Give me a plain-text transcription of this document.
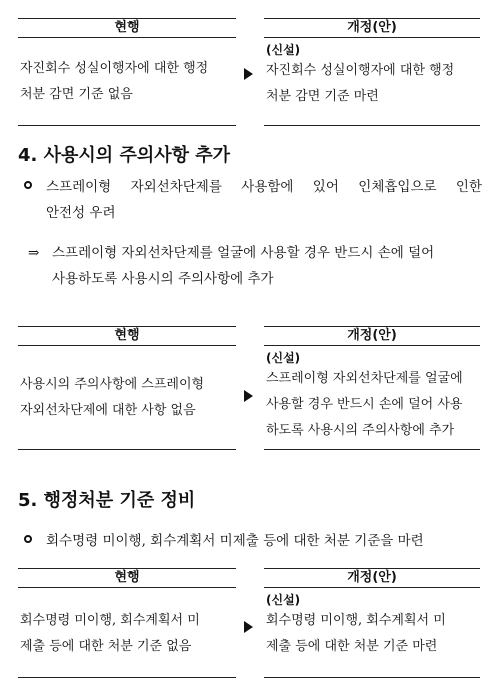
현행
자진회수 성실이행자에 대한 행정
처분 감면 기준 없음
개정(안)
(신설)
자진회수 성실이행자에 대한 행정
처분 감면 기준 마련
4. 사용시의 주의사항 추가
스프레이형 자외선차단제를 사용함에 있어 인체흡입으로 인한
안전성 우려
⇒ 스프레이형 자외선차단제를 얼굴에 사용할 경우 반드시 손에 덜어
사용하도록 사용시의 주의사항에 추가
현행
사용시의 주의사항에 스프레이형
자외선차단제에 대한 사항 없음
개정(안)
(신설)
스프레이형 자외선차단제를 얼굴에
사용할 경우 반드시 손에 덜어 사용
하도록 사용시의 주의사항에 추가
5. 행정처분 기준 정비
회수명령 미이행, 회수계획서 미제출 등에 대한 처분 기준을 마련
현행
회수명령 미이행, 회수계획서 미
제출 등에 대한 처분 기준 없음
개정(안)
(신설)
회수명령 미이행, 회수계획서 미
제출 등에 대한 처분 기준 마련
